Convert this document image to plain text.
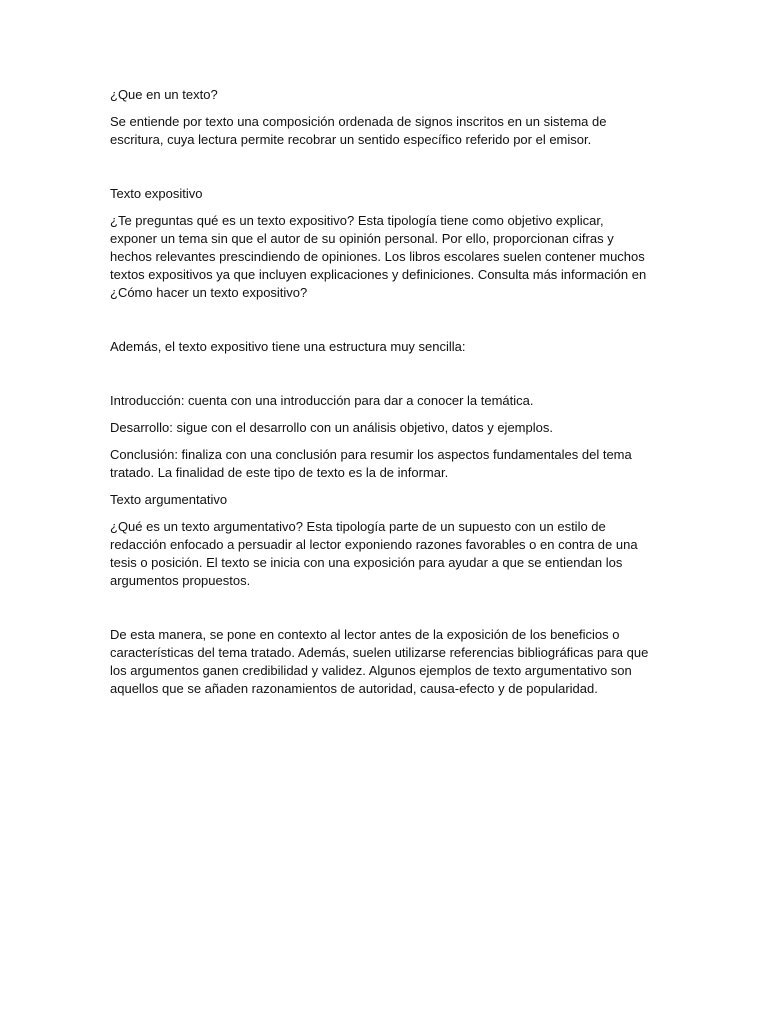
¿Que en un texto?

Se entiende por texto una composición ordenada de signos inscritos en un sistema de escritura, cuya lectura permite recobrar un sentido específico referido por el emisor.

Texto expositivo

¿Te preguntas qué es un texto expositivo? Esta tipología tiene como objetivo explicar, exponer un tema sin que el autor de su opinión personal. Por ello, proporcionan cifras y hechos relevantes prescindiendo de opiniones. Los libros escolares suelen contener muchos textos expositivos ya que incluyen explicaciones y definiciones. Consulta más información en ¿Cómo hacer un texto expositivo?

Además, el texto expositivo tiene una estructura muy sencilla:

Introducción: cuenta con una introducción para dar a conocer la temática.

Desarrollo: sigue con el desarrollo con un análisis objetivo, datos y ejemplos.

Conclusión: finaliza con una conclusión para resumir los aspectos fundamentales del tema tratado. La finalidad de este tipo de texto es la de informar.

Texto argumentativo

¿Qué es un texto argumentativo? Esta tipología parte de un supuesto con un estilo de redacción enfocado a persuadir al lector exponiendo razones favorables o en contra de una tesis o posición. El texto se inicia con una exposición para ayudar a que se entiendan los argumentos propuestos.

De esta manera, se pone en contexto al lector antes de la exposición de los beneficios o características del tema tratado. Además, suelen utilizarse referencias bibliográficas para que los argumentos ganen credibilidad y validez. Algunos ejemplos de texto argumentativo son aquellos que se añaden razonamientos de autoridad, causa-efecto y de popularidad.
